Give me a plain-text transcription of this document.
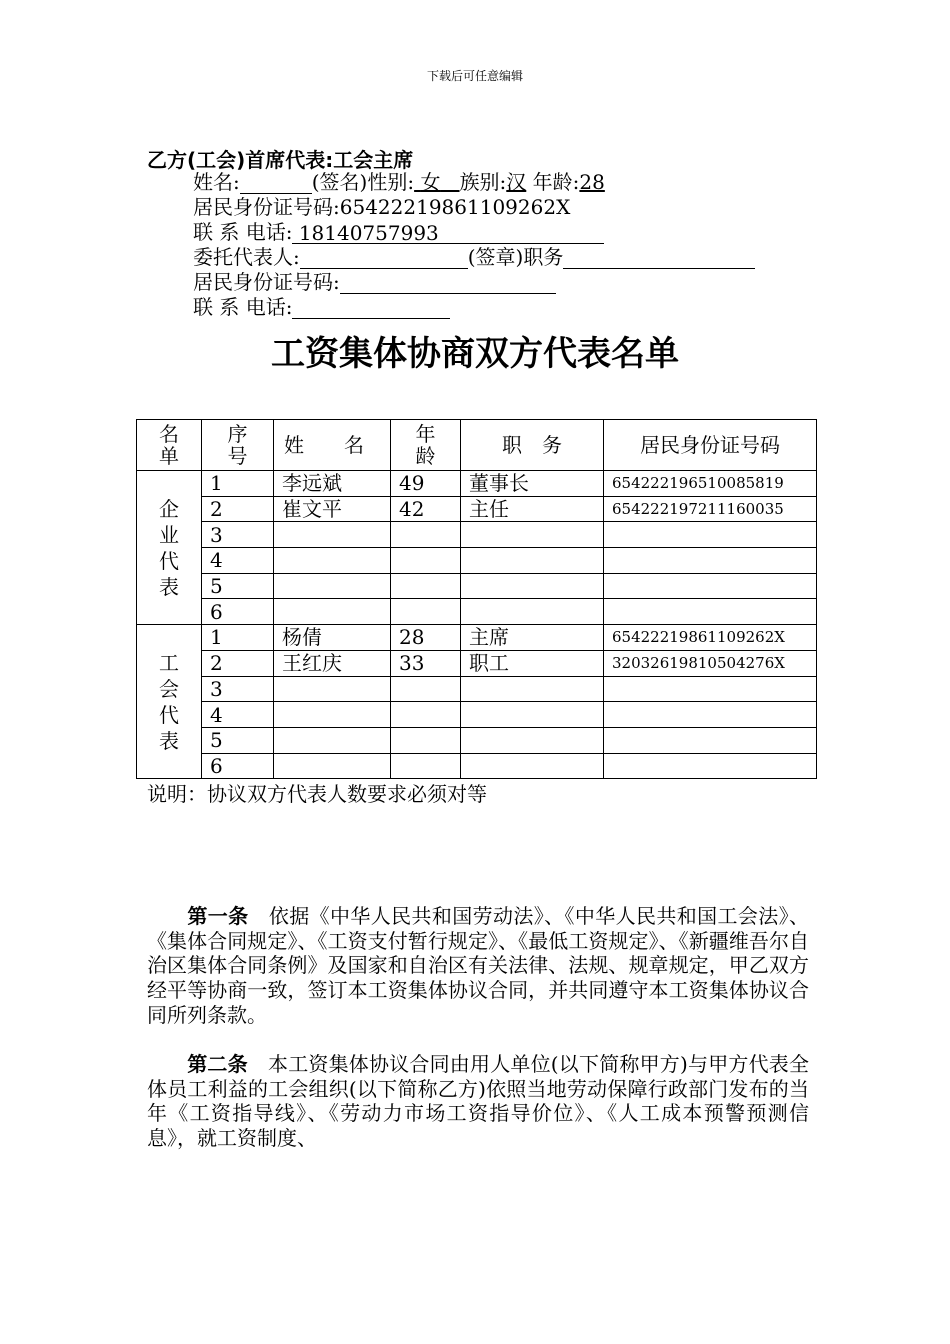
下载后可任意编辑
乙方(工会)首席代表:工会主席
姓名:	(签名)性别: 女 族别:汉 年龄:28
居民身份证号码:65422219861109262X
联 系 电话: 18140757993
委托代表人:	(签章)职务
居民身份证号码:
联 系 电话:
工资集体协商双方代表名单
名
单	序
号	姓　　名	年
龄	职　务	居民身份证号码
企
业
代
表	1	李远斌	49	董事长	654222196510085819
	2	崔文平	42	主任	654222197211160035
	3				
	4				
	5				
	6				
工
会
代
表	1	杨倩	28	主席	65422219861109262X
	2	王红庆	33	职工	32032619810504276X
	3				
	4				
	5				
	6				
说明：协议双方代表人数要求必须对等
  第一条  依据《中华人民共和国劳动法》、《中华人民共和国工会法》、《集体合同规定》、《工资支付暂行规定》、《最低工资规定》、《新疆维吾尔自治区集体合同条例》及国家和自治区有关法律、法规、规章规定，甲乙双方经平等协商一致，签订本工资集体协议合同，并共同遵守本工资集体协议合同所列条款。
  第二条  本工资集体协议合同由用人单位(以下简称甲方)与甲方代表全体员工利益的工会组织(以下简称乙方)依照当地劳动保障行政部门发布的当年《工资指导线》、《劳动力市场工资指导价位》、《人工成本预警预测信息》，就工资制度、
